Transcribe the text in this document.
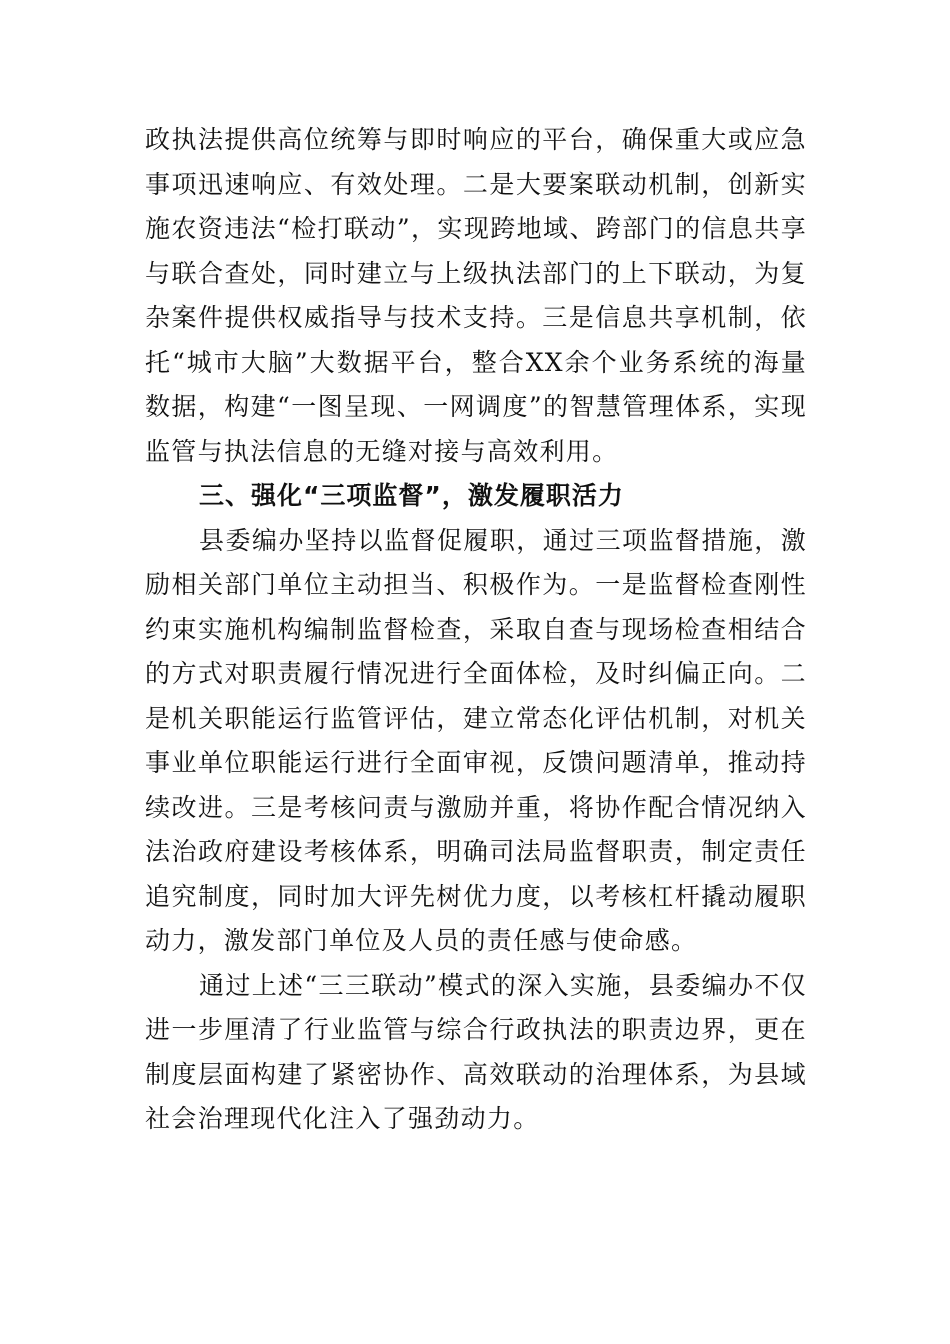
政执法提供高位统筹与即时响应的平台，确保重大或应急事项迅速响应、有效处理。二是大要案联动机制，创新实施农资违法“检打联动”，实现跨地域、跨部门的信息共享与联合查处，同时建立与上级执法部门的上下联动，为复杂案件提供权威指导与技术支持。三是信息共享机制，依托“城市大脑”大数据平台，整合XX余个业务系统的海量数据，构建“一图呈现、一网调度”的智慧管理体系，实现监管与执法信息的无缝对接与高效利用。

三、强化“三项监督”，激发履职活力

县委编办坚持以监督促履职，通过三项监督措施，激励相关部门单位主动担当、积极作为。一是监督检查刚性约束实施机构编制监督检查，采取自查与现场检查相结合的方式对职责履行情况进行全面体检，及时纠偏正向。二是机关职能运行监管评估，建立常态化评估机制，对机关事业单位职能运行进行全面审视，反馈问题清单，推动持续改进。三是考核问责与激励并重，将协作配合情况纳入法治政府建设考核体系，明确司法局监督职责，制定责任追究制度，同时加大评先树优力度，以考核杠杆撬动履职动力，激发部门单位及人员的责任感与使命感。

通过上述“三三联动”模式的深入实施，县委编办不仅进一步厘清了行业监管与综合行政执法的职责边界，更在制度层面构建了紧密协作、高效联动的治理体系，为县域社会治理现代化注入了强劲动力。
